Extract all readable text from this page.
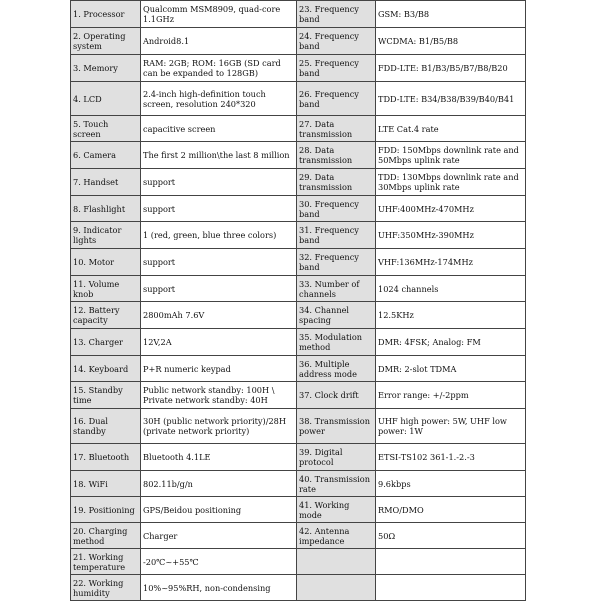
1. Processor	Qualcomm MSM8909, quad-core 1.1GHz	23. Frequency band	GSM: B3/B8
2. Operating system	Android8.1	24. Frequency band	WCDMA: B1/B5/B8
3. Memory	RAM: 2GB; ROM: 16GB (SD card can be expanded to 128GB)	25. Frequency band	FDD-LTE: B1/B3/B5/B7/B8/B20
4. LCD	2.4-inch high-definition touch screen, resolution 240*320	26. Frequency band	TDD-LTE: B34/B38/B39/B40/B41
5. Touch screen	capacitive screen	27. Data transmission	LTE Cat.4 rate
6. Camera	The first 2 million\the last 8 million	28. Data transmission	FDD: 150Mbps downlink rate and 50Mbps uplink rate
7. Handset	support	29. Data transmission	TDD: 130Mbps downlink rate and 30Mbps uplink rate
8. Flashlight	support	30. Frequency band	UHF:400MHz-470MHz
9. Indicator lights	1 (red, green, blue three colors)	31. Frequency band	UHF:350MHz-390MHz
10. Motor	support	32. Frequency band	VHF:136MHz-174MHz
11. Volume knob	support	33. Number of channels	1024 channels
12. Battery capacity	2800mAh 7.6V	34. Channel spacing	12.5KHz
13. Charger	12V,2A	35. Modulation method	DMR: 4FSK; Analog: FM
14. Keyboard	P+R numeric keypad	36. Multiple address mode	DMR: 2-slot TDMA
15. Standby time	Public network standby: 100H \ Private network standby: 40H	37. Clock drift	Error range: +/-2ppm
16. Dual standby	30H (public network priority)/28H (private network priority)	38. Transmission power	UHF high power: 5W, UHF low power: 1W
17. Bluetooth	Bluetooth 4.1LE	39. Digital protocol	ETSI-TS102 361-1.-2.-3
18. WiFi	802.11b/g/n	40. Transmission rate	9.6kbps
19. Positioning	GPS/Beidou positioning	41. Working mode	RMO/DMO
20. Charging method	Charger	42. Antenna impedance	50Ω
21. Working temperature	-20℃~+55℃		
22. Working humidity	10%~95%RH, non-condensing		
